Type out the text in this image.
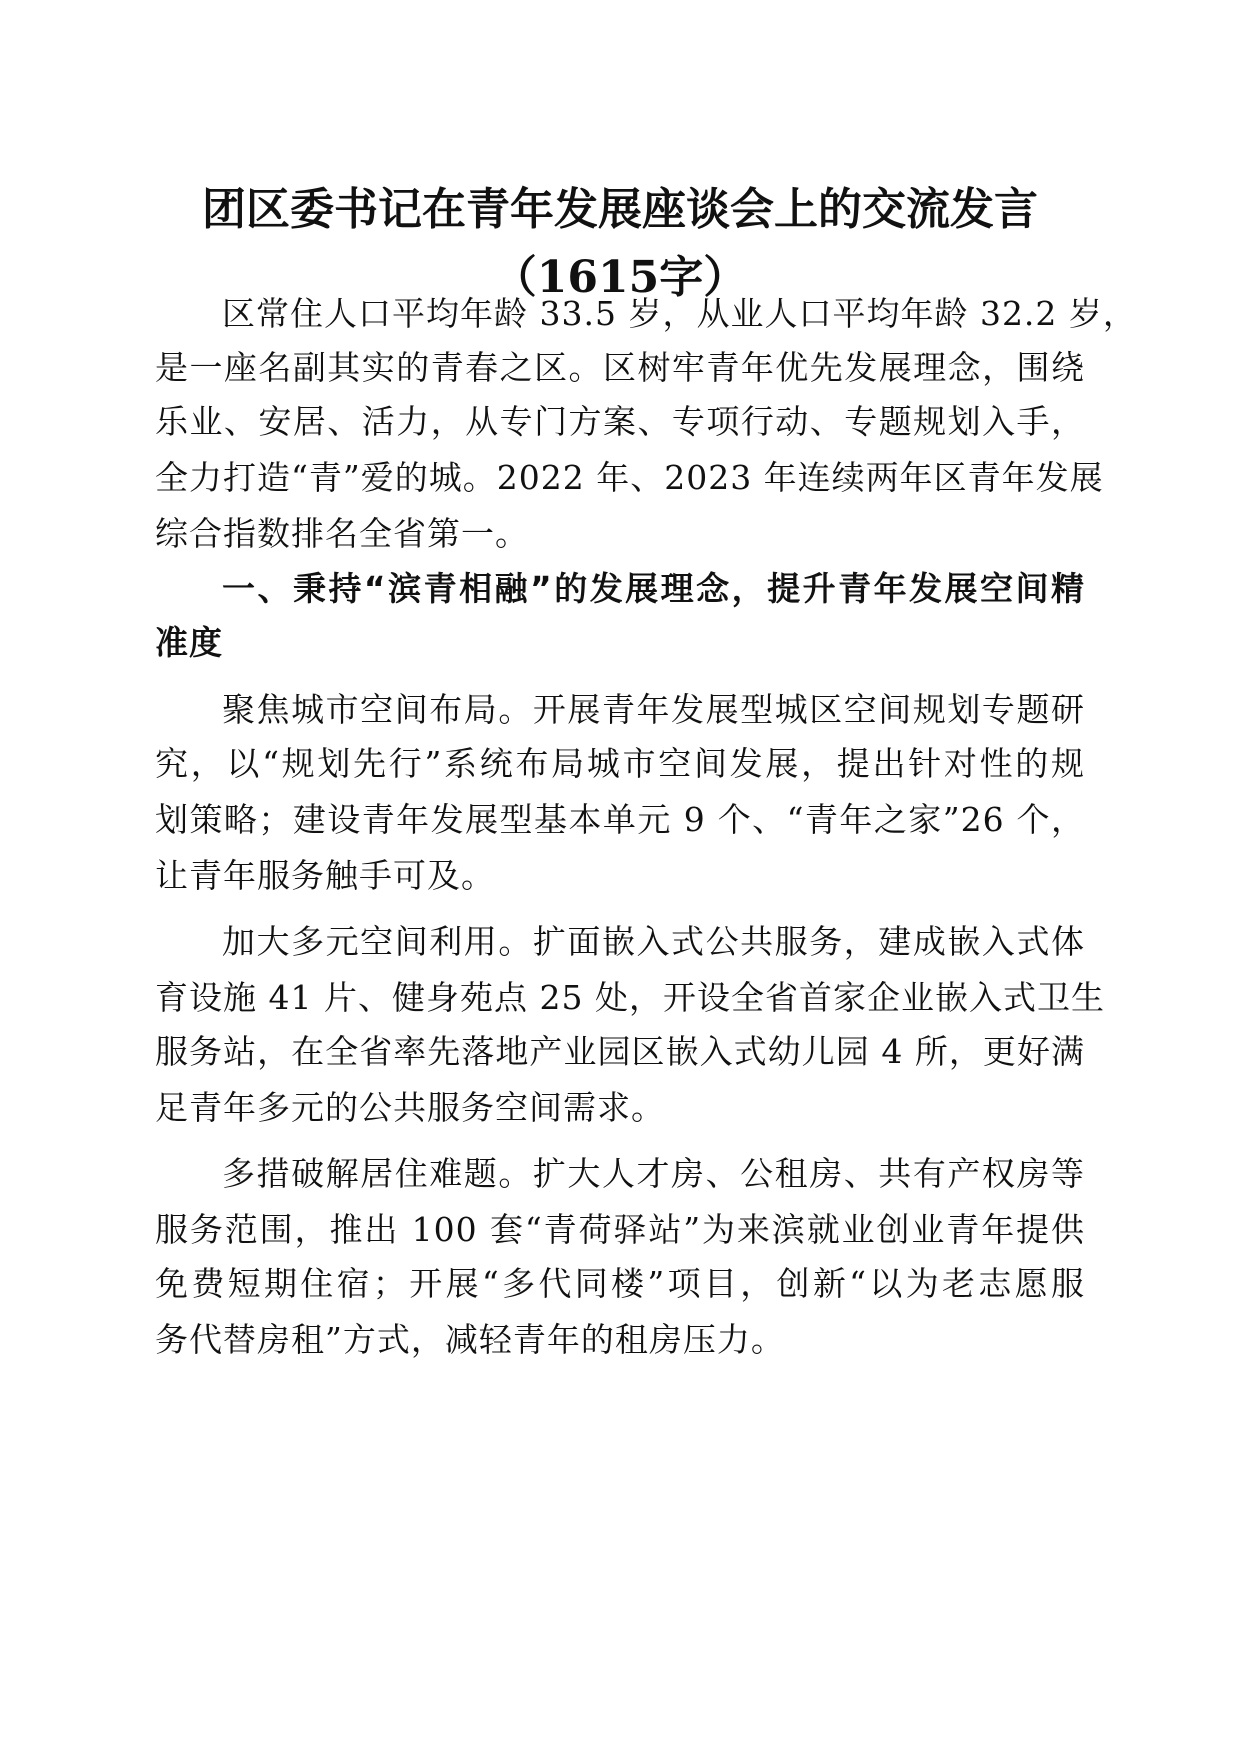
团区委书记在青年发展座谈会上的交流发言
（1615字）
区常住人口平均年龄 33.5 岁，从业人口平均年龄 32.2 岁，
是一座名副其实的青春之区。区树牢青年优先发展理念，围绕
乐业、安居、活力，从专门方案、专项行动、专题规划入手，
全力打造“青”爱的城。2022 年、2023 年连续两年区青年发展
综合指数排名全省第一。
一、秉持“滨青相融”的发展理念，提升青年发展空间精
准度
聚焦城市空间布局。开展青年发展型城区空间规划专题研
究，以“规划先行”系统布局城市空间发展，提出针对性的规
划策略；建设青年发展型基本单元 9 个、“青年之家”26 个，
让青年服务触手可及。
加大多元空间利用。扩面嵌入式公共服务，建成嵌入式体
育设施 41 片、健身苑点 25 处，开设全省首家企业嵌入式卫生
服务站，在全省率先落地产业园区嵌入式幼儿园 4 所，更好满
足青年多元的公共服务空间需求。
多措破解居住难题。扩大人才房、公租房、共有产权房等
服务范围，推出 100 套“青荷驿站”为来滨就业创业青年提供
免费短期住宿；开展“多代同楼”项目，创新“以为老志愿服
务代替房租”方式，减轻青年的租房压力。
